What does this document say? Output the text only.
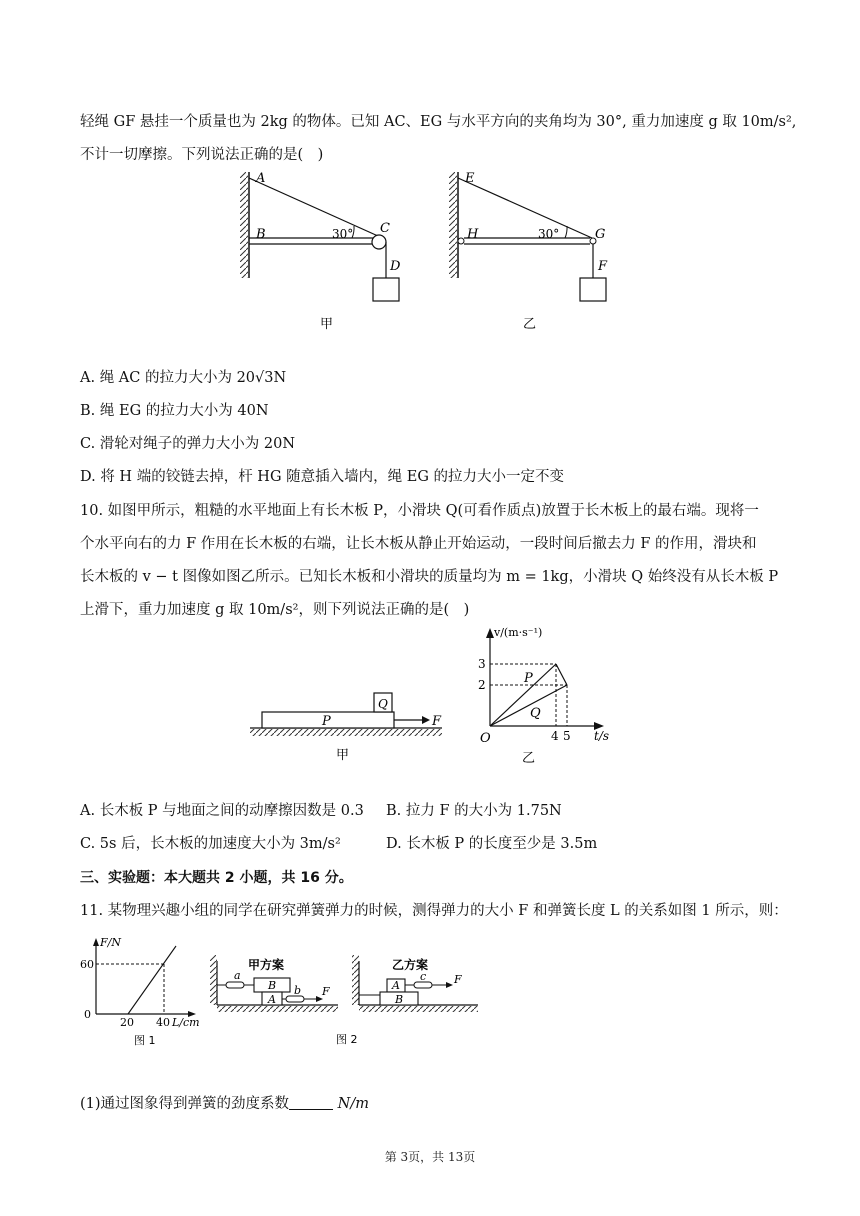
轻绳 GF 悬挂一个质量也为 2kg 的物体。已知 AC、EG 与水平方向的夹角均为 30°, 重力加速度 g 取 10m/s²,
不计一切摩擦。下列说法正确的是(　)
A
B	C
D
30°
甲
E
H	G
F
30°
乙
A. 绳 AC 的拉力大小为 20√3N
B. 绳 EG 的拉力大小为 40N
C. 滑轮对绳子的弹力大小为 20N
D. 将 H 端的铰链去掉，杆 HG 随意插入墙内，绳 EG 的拉力大小一定不变
10. 如图甲所示，粗糙的水平地面上有长木板 P，小滑块 Q(可看作质点)放置于长木板上的最右端。现将一
个水平向右的力 F 作用在长木板的右端，让长木板从静止开始运动，一段时间后撤去力 F 的作用，滑块和
长木板的 v − t 图像如图乙所示。已知长木板和小滑块的质量均为 m = 1kg，小滑块 Q 始终没有从长木板 P
上滑下，重力加速度 g 取 10m/s²，则下列说法正确的是(　)
P
Q
F
甲
v/(m·s⁻¹)
t/s
O
3
2
4 5
P
Q
乙
A. 长木板 P 与地面之间的动摩擦因数是 0.3 B. 拉力 F 的大小为 1.75N
C. 5s 后，长木板的加速度大小为 3m/s²	D. 长木板 P 的长度至少是 3.5m
三、实验题：本大题共 2 小题，共 16 分。
11. 某物理兴趣小组的同学在研究弹簧弹力的时候，测得弹力的大小 F 和弹簧长度 L 的关系如图 1 所示，则：
F/N
L/cm
60
0
20 40
图 1
a
B
A
b F
甲方案
A
B
c	F
乙方案
图 2
(1)通过图象得到弹簧的劲度系数	N/m
第 3页，共 13页
